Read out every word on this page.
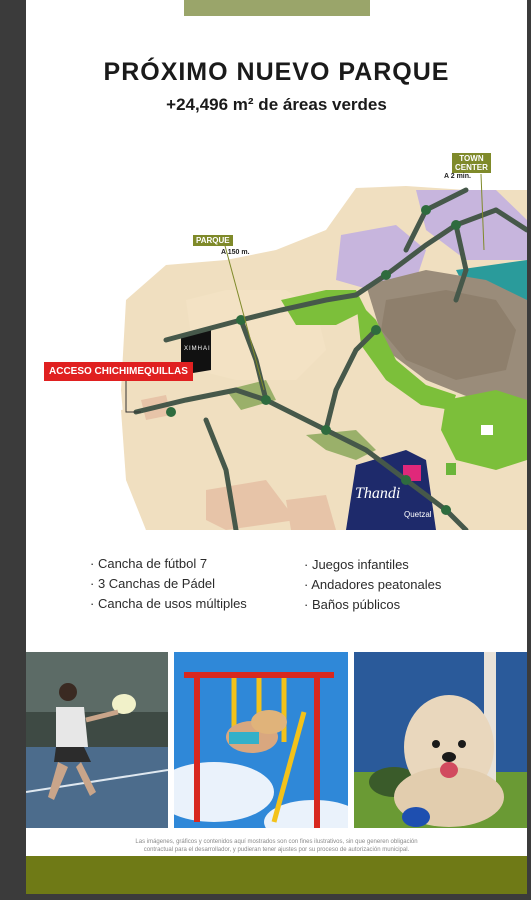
PRÓXIMO NUEVO PARQUE
+24,496 m² de áreas verdes
PARQUE
A 150 m.
TOWN
CENTER
A 2 min.
XIMHAI
Thandi
Quetzal
ACCESO CHICHIMEQUILLAS
· Cancha de fútbol 7
· 3 Canchas de Pádel
· Cancha de usos múltiples
· Juegos infantiles
· Andadores peatonales
· Baños públicos
Las imágenes, gráficos y contenidos aquí mostrados son con fines ilustrativos, sin que generen obligación
contractual para el desarrollador, y pudieran tener ajustes por su proceso de autorización municipal.
